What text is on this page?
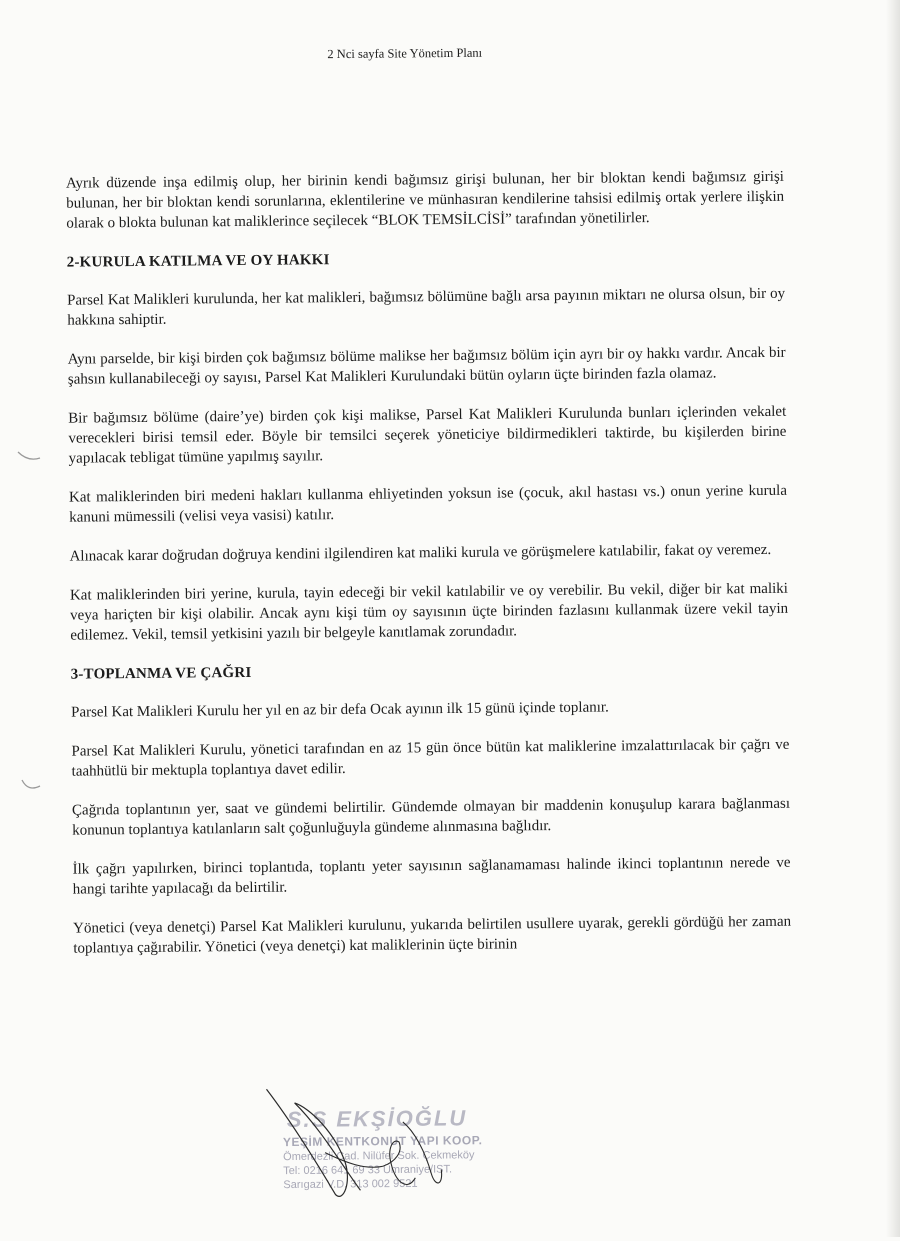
2 Nci sayfa Site Yönetim Planı

Ayrık düzende inşa edilmiş olup, her birinin kendi bağımsız girişi bulunan, her bir bloktan kendi bağımsız girişi bulunan, her bir bloktan kendi sorunlarına, eklentilerine ve münhasıran kendilerine tahsisi edilmiş ortak yerlere ilişkin olarak o blokta bulunan kat maliklerince seçilecek “BLOK TEMSİLCİSİ” tarafından yönetilirler.

2-KURULA KATILMA VE OY HAKKI

Parsel Kat Malikleri kurulunda, her kat malikleri, bağımsız bölümüne bağlı arsa payının miktarı ne olursa olsun, bir oy hakkına sahiptir.

Aynı parselde, bir kişi birden çok bağımsız bölüme malikse her bağımsız bölüm için ayrı bir oy hakkı vardır. Ancak bir şahsın kullanabileceği oy sayısı, Parsel Kat Malikleri Kurulundaki bütün oyların üçte birinden fazla olamaz.

Bir bağımsız bölüme (daire’ye) birden çok kişi malikse, Parsel Kat Malikleri Kurulunda bunları içlerinden vekalet verecekleri birisi temsil eder. Böyle bir temsilci seçerek yöneticiye bildirmedikleri taktirde, bu kişilerden birine yapılacak tebligat tümüne yapılmış sayılır.

Kat maliklerinden biri medeni hakları kullanma ehliyetinden yoksun ise (çocuk, akıl hastası vs.) onun yerine kurula kanuni mümessili (velisi veya vasisi) katılır.

Alınacak karar doğrudan doğruya kendini ilgilendiren kat maliki kurula ve görüşmelere katılabilir, fakat oy veremez.

Kat maliklerinden biri yerine, kurula, tayin edeceği bir vekil katılabilir ve oy verebilir. Bu vekil, diğer bir kat maliki veya hariçten bir kişi olabilir. Ancak aynı kişi tüm oy sayısının üçte birinden fazlasını kullanmak üzere vekil tayin edilemez. Vekil, temsil yetkisini yazılı bir belgeyle kanıtlamak zorundadır.

3-TOPLANMA VE ÇAĞRI

Parsel Kat Malikleri Kurulu her yıl en az bir defa Ocak ayının ilk 15 günü içinde toplanır.

Parsel Kat Malikleri Kurulu, yönetici tarafından en az 15 gün önce bütün kat maliklerine imzalattırılacak bir çağrı ve taahhütlü bir mektupla toplantıya davet edilir.

Çağrıda toplantının yer, saat ve gündemi belirtilir. Gündemde olmayan bir maddenin konuşulup karara bağlanması konunun toplantıya katılanların salt çoğunluğuyla gündeme alınmasına bağlıdır.

İlk çağrı yapılırken, birinci toplantıda, toplantı yeter sayısının sağlanamaması halinde ikinci toplantının nerede ve hangi tarihte yapılacağı da belirtilir.

Yönetici (veya denetçi) Parsel Kat Malikleri kurulunu, yukarıda belirtilen usullere uyarak, gerekli gördüğü her zaman toplantıya çağırabilir. Yönetici (veya denetçi) kat maliklerinin üçte birinin

S.S EKŞİOĞLU
YEŞİM KENTKONUT YAPI KOOP.
Ömerdezli Cad. Nilüfer Sok. Çekmeköy
Tel: 0216 641 69 33 Ümraniye/IST.
Sarıgazi V.D. 313 002 9521
